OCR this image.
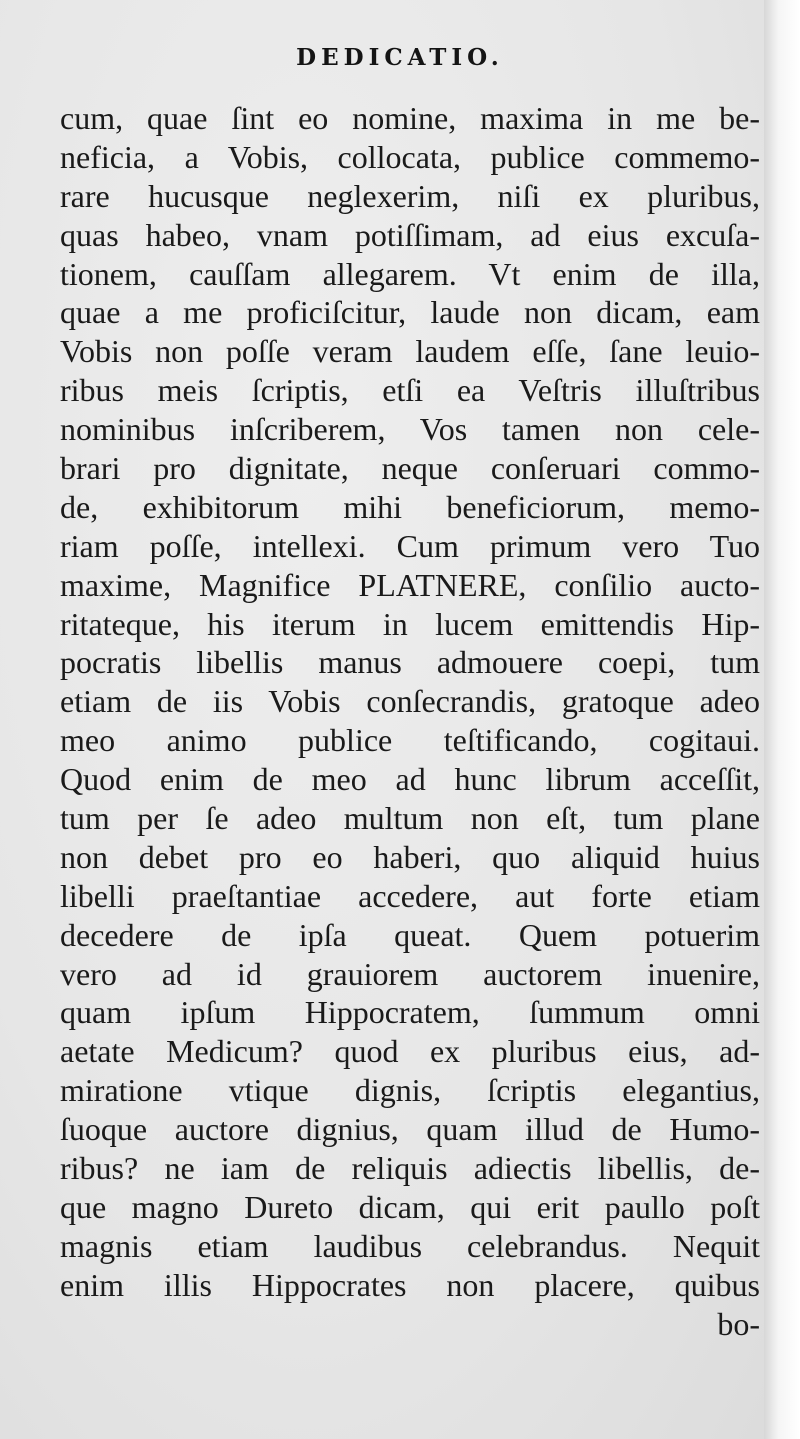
DEDICATIO.
cum, quae ſint eo nomine, maxima in me be-
neficia, a Vobis, collocata, publice commemo-
rare hucusque neglexerim, niſi ex pluribus,
quas habeo, vnam potiſſimam, ad eius excuſa-
tionem, cauſſam allegarem. Vt enim de illa,
quae a me proficiſcitur, laude non dicam, eam
Vobis non poſſe veram laudem eſſe, ſane leuio-
ribus meis ſcriptis, etſi ea Veſtris illuſtribus
nominibus inſcriberem, Vos tamen non cele-
brari pro dignitate, neque conſeruari commo-
de, exhibitorum mihi beneficiorum, memo-
riam poſſe, intellexi. Cum primum vero Tuo
maxime, Magnifice PLATNERE, conſilio auctο-
ritateque, his iterum in lucem emittendis Hip-
pocratis libellis manus admouere coepi, tum
etiam de iis Vobis conſecrandis, gratoque adeo
meo animo publice teſtificando, cogitaui.
Quod enim de meo ad hunc librum acceſſit,
tum per ſe adeo multum non eſt, tum plane
non debet pro eo haberi, quo aliquid huius
libelli praeſtantiae accedere, aut forte etiam
decedere de ipſa queat. Quem potuerim
vero ad id grauiorem auctorem inuenire,
quam ipſum Hippocratem, ſummum omni
aetate Medicum? quod ex pluribus eius, ad-
miratione vtique dignis, ſcriptis elegantius,
ſuoque auctore dignius, quam illud de Humo-
ribus? ne iam de reliquis adiectis libellis, de-
que magno Dureto dicam, qui erit paullo poſt
magnis etiam laudibus celebrandus. Nequit
enim illis Hippocrates non placere, quibus
bo-
